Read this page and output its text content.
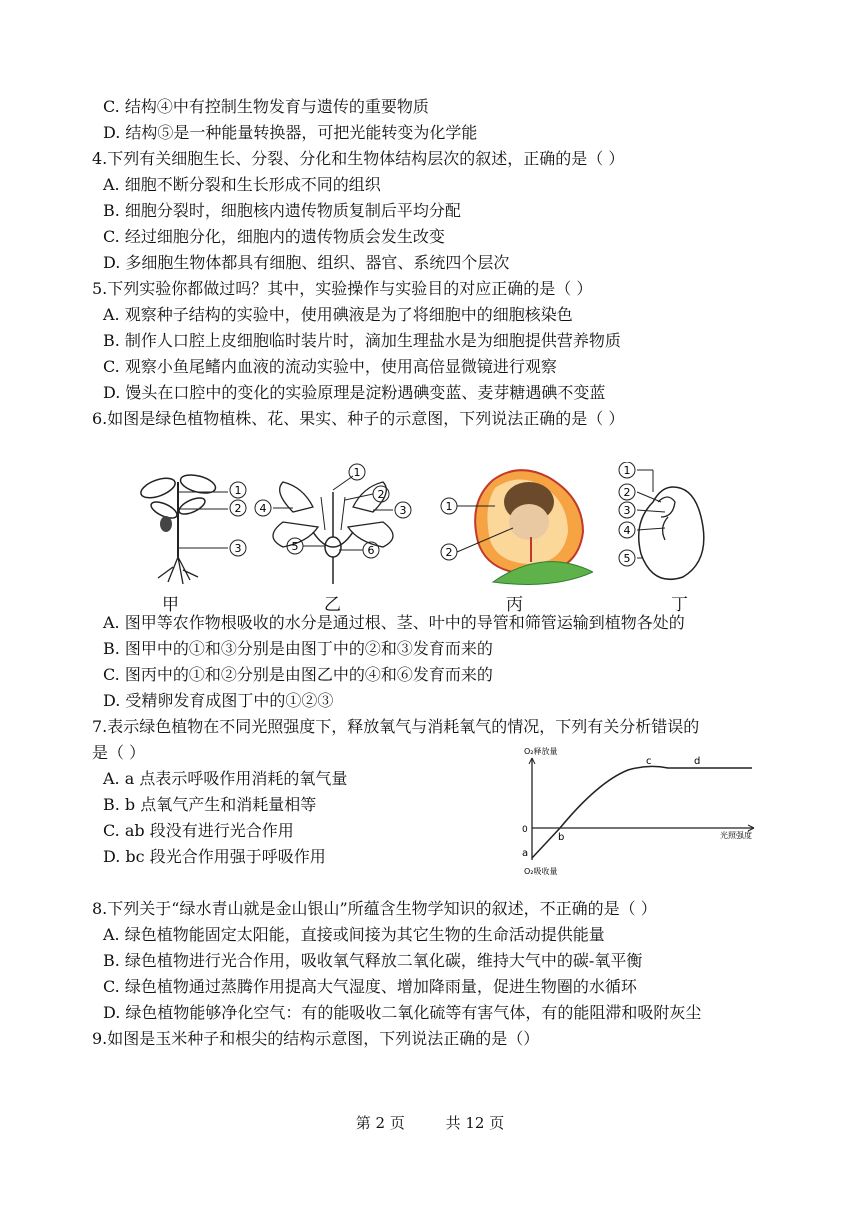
C. 结构④中有控制生物发育与遗传的重要物质
D. 结构⑤是一种能量转换器，可把光能转变为化学能
4.下列有关细胞生长、分裂、分化和生物体结构层次的叙述，正确的是（ ）
A. 细胞不断分裂和生长形成不同的组织
B. 细胞分裂时，细胞核内遗传物质复制后平均分配
C. 经过细胞分化，细胞内的遗传物质会发生改变
D. 多细胞生物体都具有细胞、组织、器官、系统四个层次
5.下列实验你都做过吗？其中，实验操作与实验目的对应正确的是（ ）
A. 观察种子结构的实验中，使用碘液是为了将细胞中的细胞核染色
B. 制作人口腔上皮细胞临时装片时，滴加生理盐水是为细胞提供营养物质
C. 观察小鱼尾鳍内血液的流动实验中，使用高倍显微镜进行观察
D. 馒头在口腔中的变化的实验原理是淀粉遇碘变蓝、麦芽糖遇碘不变蓝
6.如图是绿色植物植株、花、果实、种子的示意图，下列说法正确的是（ ）
1
2
3
1
2
3
4
5	6
1
2
1
2
3
4
5
甲	乙	丙	丁
A. 图甲等农作物根吸收的水分是通过根、茎、叶中的导管和筛管运输到植物各处的
B. 图甲中的①和③分别是由图丁中的②和③发育而来的
C. 图丙中的①和②分别是由图乙中的④和⑥发育而来的
D. 受精卵发育成图丁中的①②③
7.表示绿色植物在不同光照强度下，释放氧气与消耗氧气的情况，下列有关分析错误的
是（ ）
A. a 点表示呼吸作用消耗的氧气量
B. b 点氧气产生和消耗量相等
C. ab 段没有进行光合作用
D. bc 段光合作用强于呼吸作用
O₂释放量
O₂吸收量
光照强度
0
a
b
c	d
8.下列关于“绿水青山就是金山银山”所蕴含生物学知识的叙述，不正确的是（ ）
A. 绿色植物能固定太阳能，直接或间接为其它生物的生命活动提供能量
B. 绿色植物进行光合作用，吸收氧气释放二氧化碳，维持大气中的碳-氧平衡
C. 绿色植物通过蒸腾作用提高大气湿度、增加降雨量，促进生物圈的水循环
D. 绿色植物能够净化空气：有的能吸收二氧化硫等有害气体，有的能阻滞和吸附灰尘
9.如图是玉米种子和根尖的结构示意图，下列说法正确的是（）
第 2 页	共 12 页
